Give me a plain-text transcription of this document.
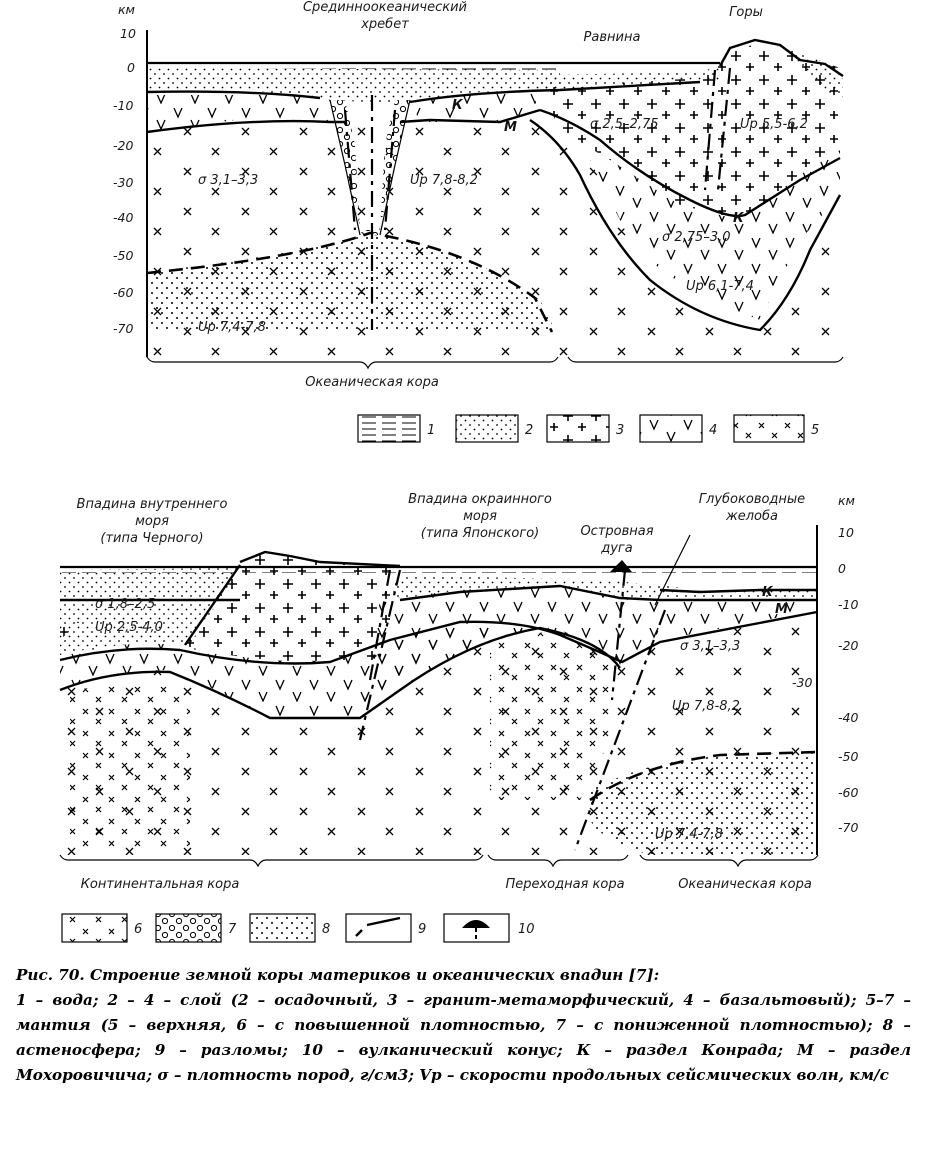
км
10
0
-10
-20
-30
-40
-50
-60
-70
Срединноокеанический
хребет
Равнина
Горы
К
М
К
σ 3,1–3,3	Up 7,8-8,2
Up 7,4-7,8
σ 2,5–2,75	Up 5,5-6,2
σ 2,75–3,0
Up 6,1-7,4
Океаническая кора
1	2	3	4	5
км
10
0
-10
-20
-40
-50
-60
-70
Впадина внутреннего
моря
(типа Черного)
Впадина окраинного
моря
(типа Японского)	Островная
дуга
Глубоководные
желоба
К
М
σ 1,8–2,5
Up 2,5-4,0
σ 3,1–3,3
Up 7,8-8,2
Up 7,4-7,8
Континентальная кора	Переходная кора	Океаническая кора
6	7	8	9	10
Рис. 70. Строение земной коры материков и океанических впадин [7]:
1 – вода; 2 – 4 – слой (2 – осадочный, 3 – гранит-метаморфический, 4 – базальтовый); 5–7 – мантия (5 – верхняя, 6 – с повышенной плотностью, 7 – с пониженной плотностью); 8 – астеносфера; 9 – разломы; 10 – вулканический конус; К – раздел Конрада; М – раздел Мохоровичича; σ – плотность пород, г/см3; Vp – скорости продольных сейсмических волн, км/с
